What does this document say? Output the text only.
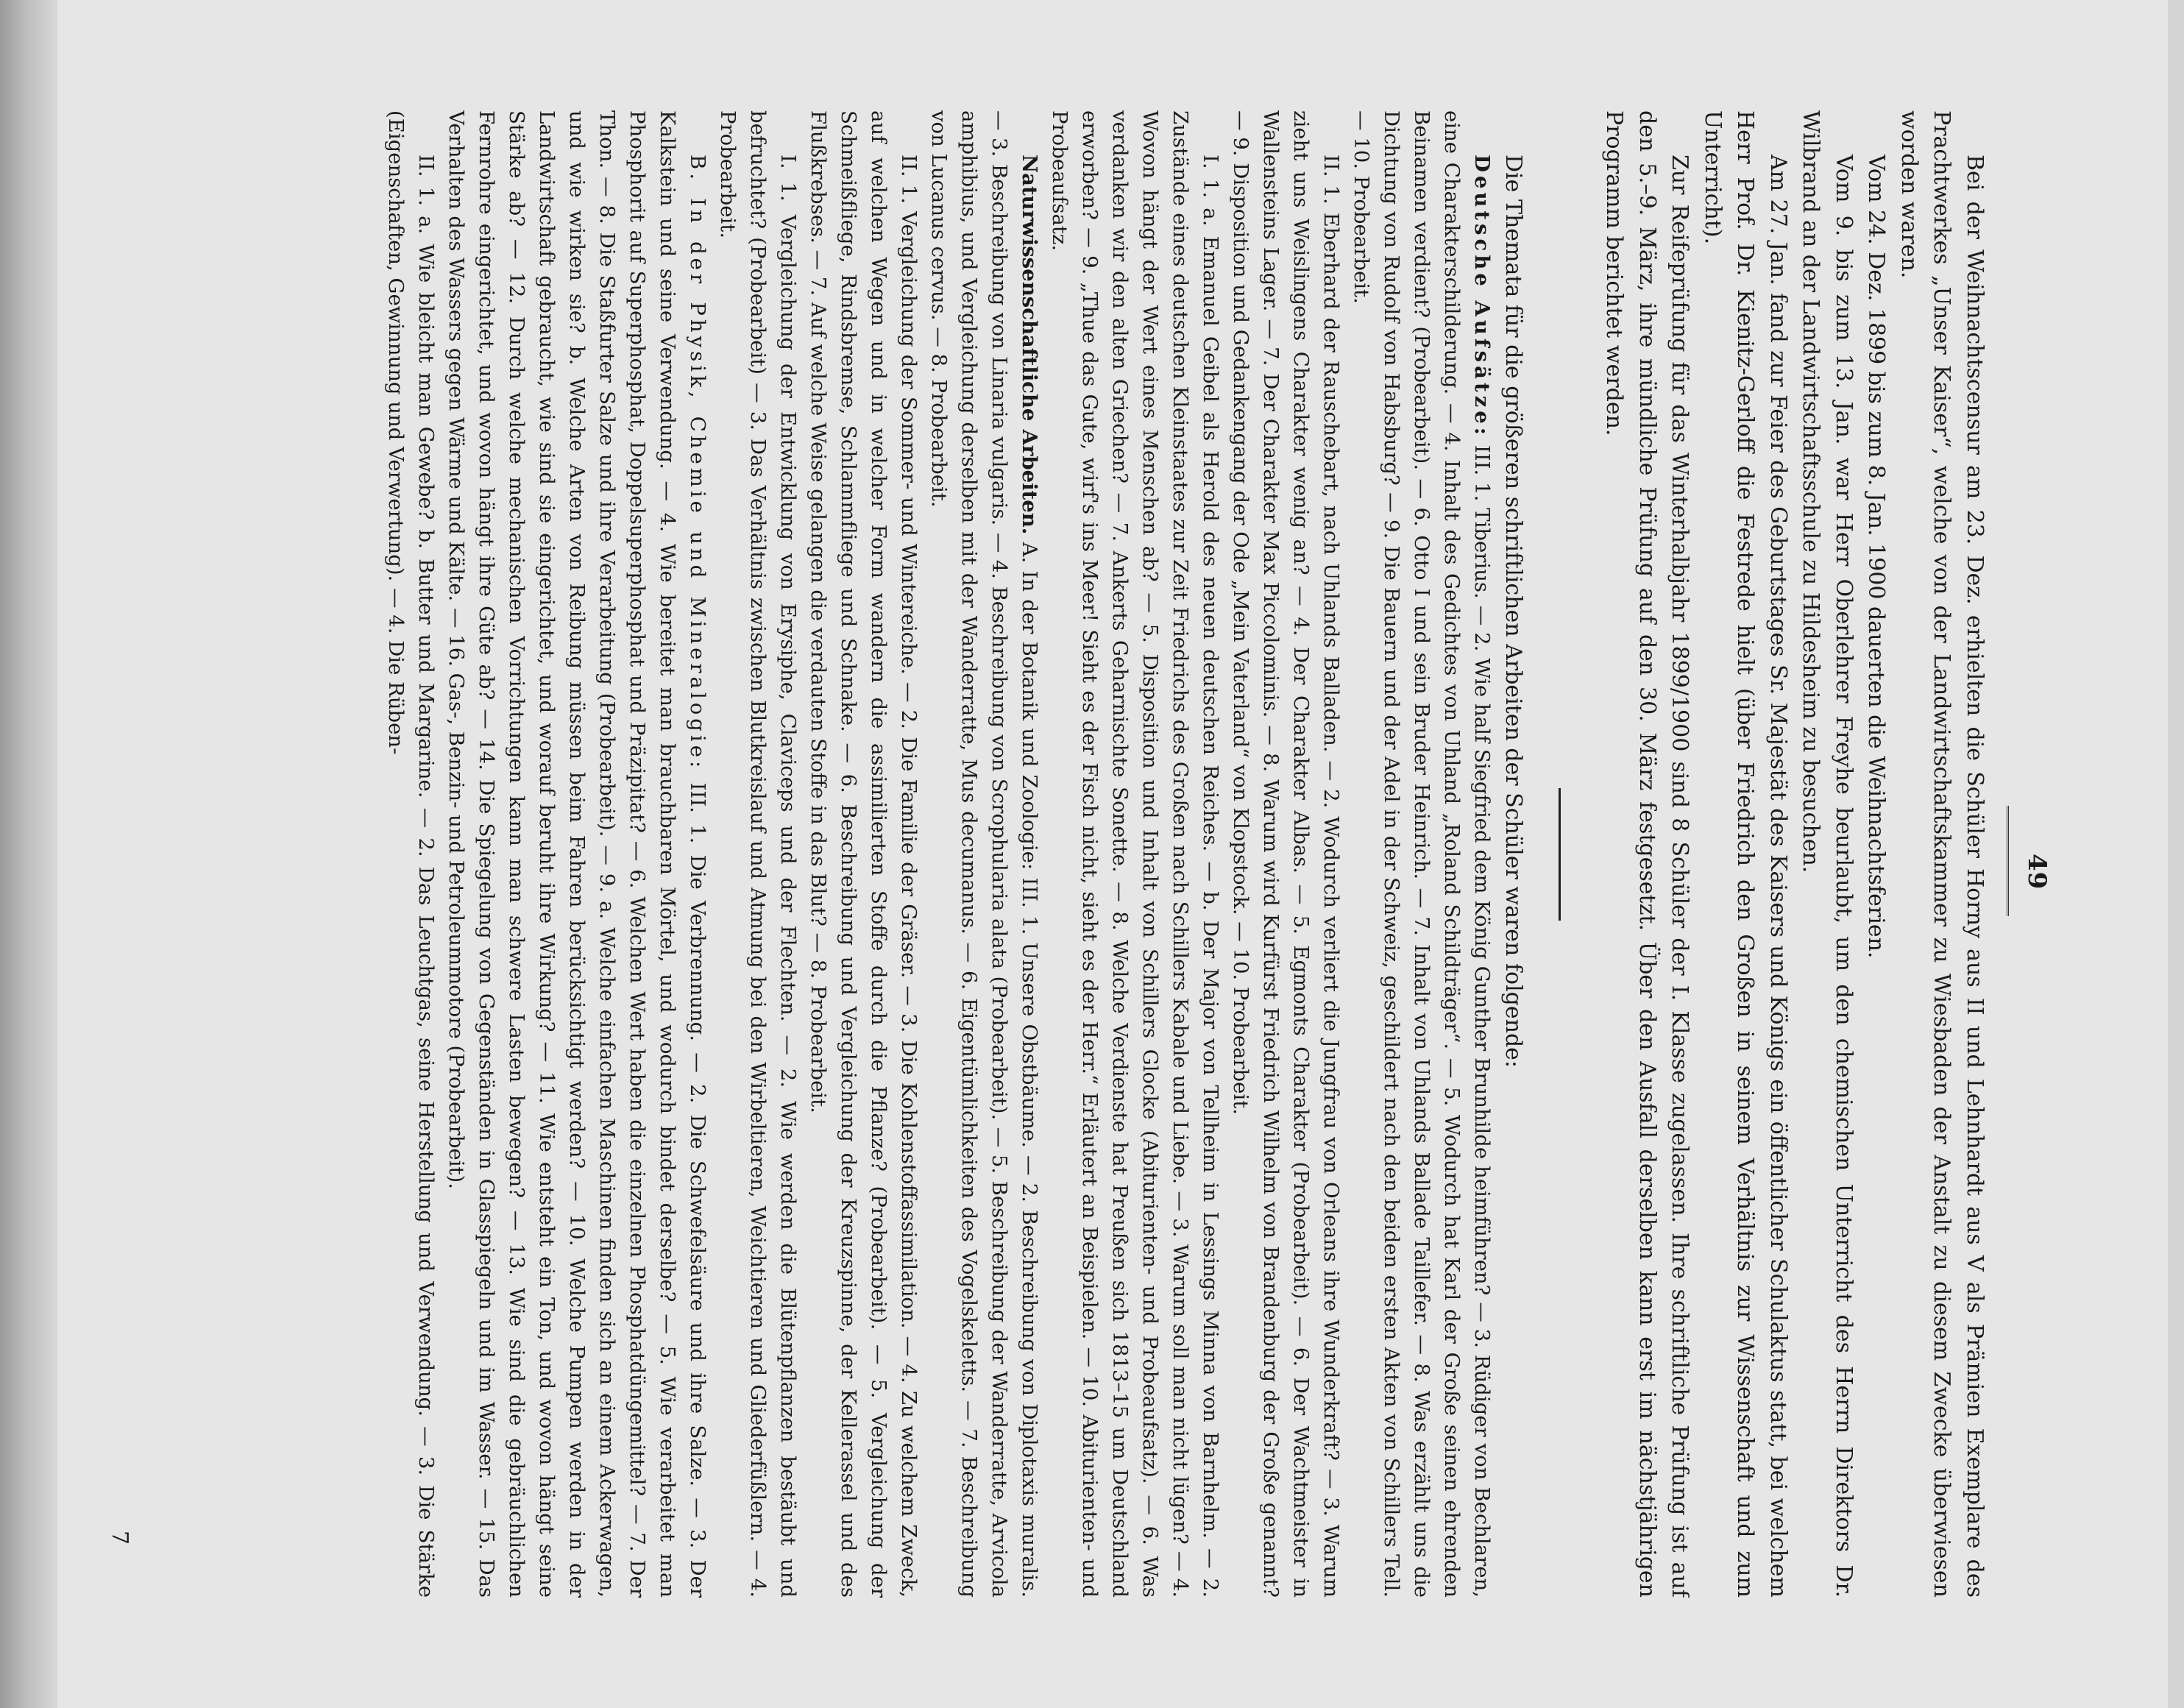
49

Bei der Weihnachtscensur am 23. Dez. erhielten die Schüler Horny aus II und Lehnhardt aus V als Prämien Exemplare des Prachtwerkes „Unser Kaiser“, welche von der Landwirtschaftskammer zu Wiesbaden der Anstalt zu diesem Zwecke überwiesen worden waren.

Vom 24. Dez. 1899 bis zum 8. Jan. 1900 dauerten die Weihnachtsferien.

Vom 9. bis zum 13. Jan. war Herr Oberlehrer Freyhe beurlaubt, um den chemischen Unterricht des Herrn Direktors Dr. Wilbrand an der Landwirtschaftsschule zu Hildesheim zu besuchen.

Am 27. Jan. fand zur Feier des Geburtstages Sr. Majestät des Kaisers und Königs ein öffentlicher Schulaktus statt, bei welchem Herr Prof. Dr. Kienitz-Gerloff die Festrede hielt (über Friedrich den Großen in seinem Verhältnis zur Wissenschaft und zum Unterricht).

Zur Reifeprüfung für das Winterhalbjahr 1899/1900 sind 8 Schüler der I. Klasse zugelassen. Ihre schriftliche Prüfung ist auf den 5.–9. März, ihre mündliche Prüfung auf den 30. März festgesetzt. Über den Ausfall derselben kann erst im nächstjährigen Programm berichtet werden.

Die Themata für die größeren schriftlichen Arbeiten der Schüler waren folgende:

Deutsche Aufsätze: III. 1. Tiberius. — 2. Wie half Siegfried dem König Gunther Brunhilde heimführen? — 3. Rüdiger von Bechlaren, eine Charakterschilderung. — 4. Inhalt des Gedichtes von Uhland „Roland Schildträger“. — 5. Wodurch hat Karl der Große seinen ehrenden Beinamen verdient? (Probearbeit). — 6. Otto I und sein Bruder Heinrich. — 7. Inhalt von Uhlands Ballade Taillefer. — 8. Was erzählt uns die Dichtung von Rudolf von Habsburg? — 9. Die Bauern und der Adel in der Schweiz, geschildert nach den beiden ersten Akten von Schillers Tell. — 10. Probearbeit.

II. 1. Eberhard der Rauschebart, nach Uhlands Balladen. — 2. Wodurch verliert die Jungfrau von Orleans ihre Wunderkraft? — 3. Warum zieht uns Weislingens Charakter wenig an? — 4. Der Charakter Albas. — 5. Egmonts Charakter (Probearbeit). — 6. Der Wachtmeister in Wallensteins Lager. — 7. Der Charakter Max Piccolominis. — 8. Warum wird Kurfürst Friedrich Wilhelm von Brandenburg der Große genannt? — 9. Disposition und Gedankengang der Ode „Mein Vaterland“ von Klopstock. — 10. Probearbeit.

I. 1. a. Emanuel Geibel als Herold des neuen deutschen Reiches. — b. Der Major von Tellheim in Lessings Minna von Barnhelm. — 2. Zustände eines deutschen Kleinstaates zur Zeit Friedrichs des Großen nach Schillers Kabale und Liebe. — 3. Warum soll man nicht lügen? — 4. Wovon hängt der Wert eines Menschen ab? — 5. Disposition und Inhalt von Schillers Glocke (Abiturienten- und Probeaufsatz). — 6. Was verdanken wir den alten Griechen? — 7. Ankerts Geharnischte Sonette. — 8. Welche Verdienste hat Preußen sich 1813–15 um Deutschland erworben? — 9. „Thue das Gute, wirf's ins Meer! Sieht es der Fisch nicht, sieht es der Herr.“ Erläutert an Beispielen. — 10. Abiturienten- und Probeaufsatz.

Naturwissenschaftliche Arbeiten. A. In der Botanik und Zoologie: III. 1. Unsere Obstbäume. — 2. Beschreibung von Diplotaxis muralis. — 3. Beschreibung von Linaria vulgaris. — 4. Beschreibung von Scrophularia alata (Probearbeit). — 5. Beschreibung der Wanderratte, Arvicola amphibius, und Vergleichung derselben mit der Wanderratte, Mus decumanus. — 6. Eigentümlichkeiten des Vogelskeletts. — 7. Beschreibung von Lucanus cervus. — 8. Probearbeit.

II. 1. Vergleichung der Sommer- und Wintereiche. — 2. Die Familie der Gräser. — 3. Die Kohlenstoffassimilation. — 4. Zu welchem Zweck, auf welchen Wegen und in welcher Form wandern die assimilierten Stoffe durch die Pflanze? (Probearbeit). — 5. Vergleichung der Schmeißfliege, Rindsbremse, Schlammfliege und Schnake. — 6. Beschreibung und Vergleichung der Kreuzspinne, der Kellerassel und des Flußkrebses. — 7. Auf welche Weise gelangen die verdauten Stoffe in das Blut? — 8. Probearbeit.

I. 1. Vergleichung der Entwicklung von Erysiphe, Claviceps und der Flechten. — 2. Wie werden die Blütenpflanzen bestäubt und befruchtet? (Probearbeit) — 3. Das Verhältnis zwischen Blutkreislauf und Atmung bei den Wirbeltieren, Weichtieren und Gliederfüßlern. — 4. Probearbeit.

B. In der Physik, Chemie und Mineralogie: III. 1. Die Verbrennung. — 2. Die Schwefelsäure und ihre Salze. — 3. Der Kalkstein und seine Verwendung. — 4. Wie bereitet man brauchbaren Mörtel, und wodurch bindet derselbe? — 5. Wie verarbeitet man Phosphorit auf Superphosphat, Doppelsuperphosphat und Präzipitat? — 6. Welchen Wert haben die einzelnen Phosphatdüngemittel? — 7. Der Thon. — 8. Die Staßfurter Salze und ihre Verarbeitung (Probearbeit). — 9. a. Welche einfachen Maschinen finden sich an einem Ackerwagen, und wie wirken sie? b. Welche Arten von Reibung müssen beim Fahren berücksichtigt werden? — 10. Welche Pumpen werden in der Landwirtschaft gebraucht, wie sind sie eingerichtet, und worauf beruht ihre Wirkung? — 11. Wie entsteht ein Ton, und wovon hängt seine Stärke ab? — 12. Durch welche mechanischen Vorrichtungen kann man schwere Lasten bewegen? — 13. Wie sind die gebräuchlichen Fernrohre eingerichtet, und wovon hängt ihre Güte ab? — 14. Die Spiegelung von Gegenständen in Glasspiegeln und im Wasser. — 15. Das Verhalten des Wassers gegen Wärme und Kälte. — 16. Gas-, Benzin- und Petroleummotore (Probearbeit).

II. 1. a. Wie bleicht man Gewebe? b. Butter und Margarine. — 2. Das Leuchtgas, seine Herstellung und Verwendung. — 3. Die Stärke (Eigenschaften, Gewinnung und Verwertung). — 4. Die Rüben-

7
